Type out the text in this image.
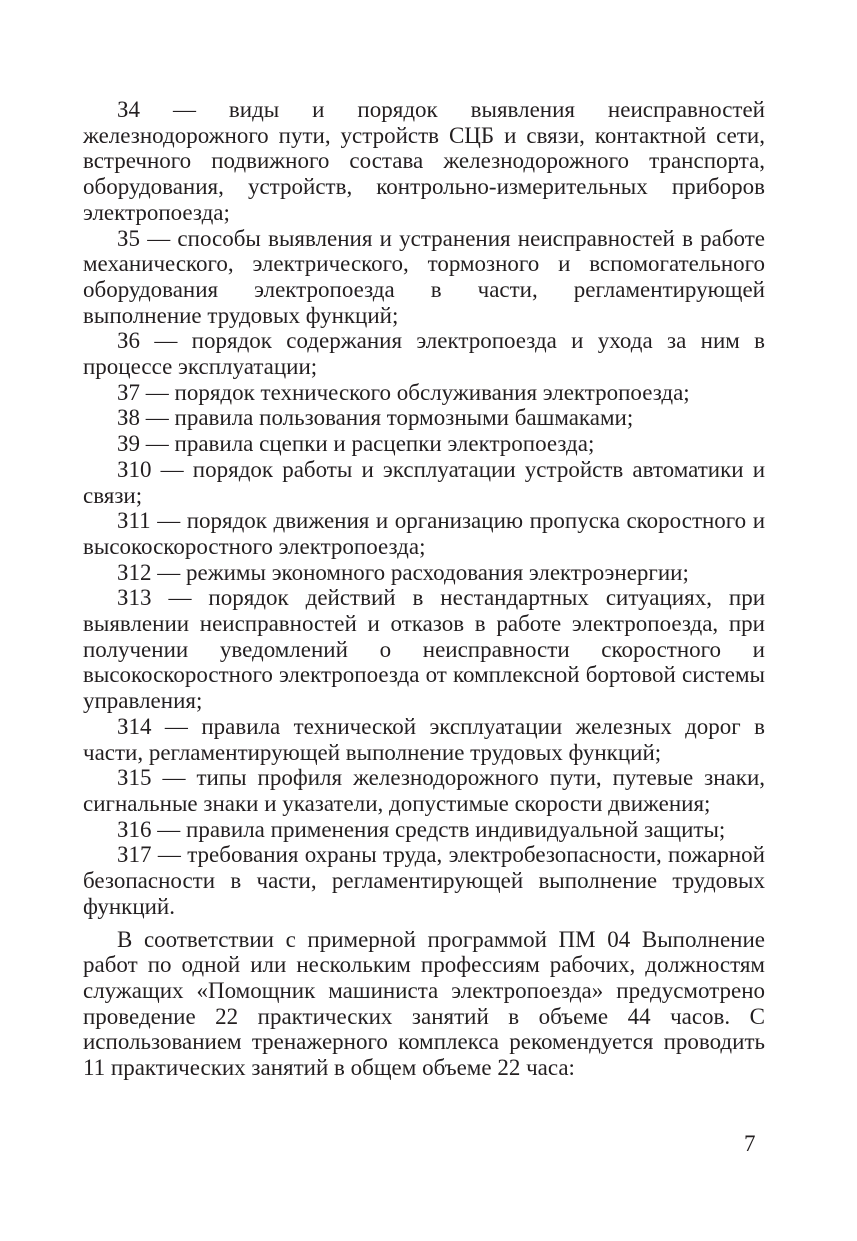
З4 — виды и порядок выявления неисправностей железнодорожного пути, устройств СЦБ и связи, контактной сети, встречного подвижного состава железнодорожного транспорта, оборудования, устройств, контрольно-измерительных приборов электропоезда;

З5 — способы выявления и устранения неисправностей в работе механического, электрического, тормозного и вспомогательного оборудования электропоезда в части, регламентирующей выполнение трудовых функций;

З6 — порядок содержания электропоезда и ухода за ним в процессе эксплуатации;

З7 — порядок технического обслуживания электропоезда;

З8 — правила пользования тормозными башмаками;

З9 — правила сцепки и расцепки электропоезда;

З10 — порядок работы и эксплуатации устройств автоматики и связи;

З11 — порядок движения и организацию пропуска скоростного и высокоскоростного электропоезда;

З12 — режимы экономного расходования электроэнергии;

З13 — порядок действий в нестандартных ситуациях, при выявлении неисправностей и отказов в работе электропоезда, при получении уведомлений о неисправности скоростного и высокоскоростного электропоезда от комплексной бортовой системы управления;

З14 — правила технической эксплуатации железных дорог в части, регламентирующей выполнение трудовых функций;

З15 — типы профиля железнодорожного пути, путевые знаки, сигнальные знаки и указатели, допустимые скорости движения;

З16 — правила применения средств индивидуальной защиты;

З17 — требования охраны труда, электробезопасности, пожарной безопасности в части, регламентирующей выполнение трудовых функций.

В соответствии с примерной программой ПМ 04 Выполнение работ по одной или нескольким профессиям рабочих, должностям служащих «Помощник машиниста электропоезда» предусмотрено проведение 22 практических занятий в объеме 44 часов. С использованием тренажерного комплекса рекомендуется проводить 11 практических занятий в общем объеме 22 часа:

7
